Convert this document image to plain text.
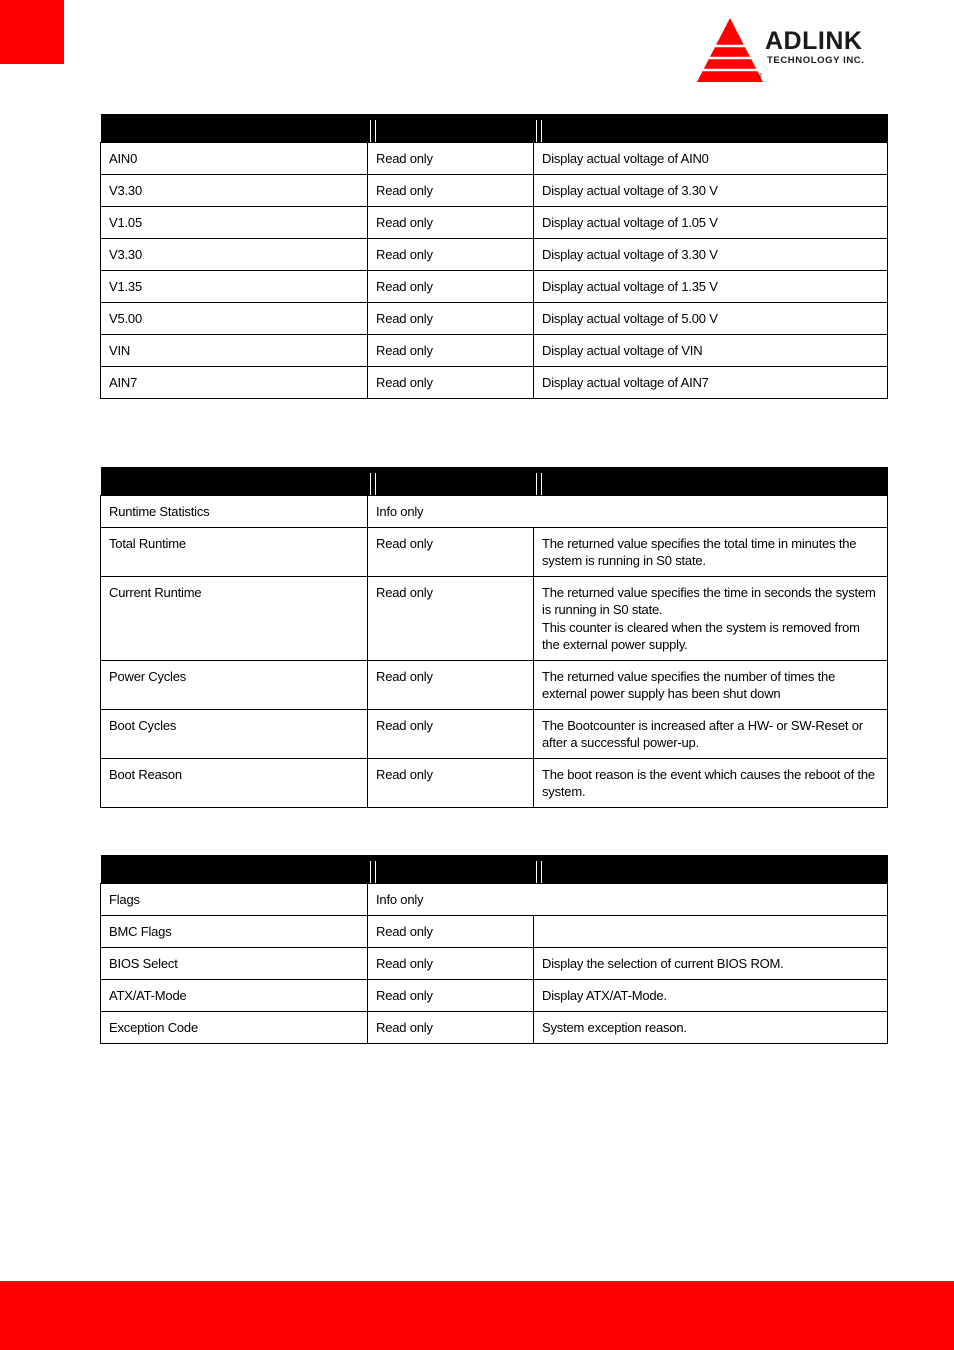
ADLINK
TECHNOLOGY INC.
®

AIN0	Read only	Display actual voltage of AIN0

V3.30	Read only	Display actual voltage of 3.30 V

V1.05	Read only	Display actual voltage of 1.05 V

V3.30	Read only	Display actual voltage of 3.30 V

V1.35	Read only	Display actual voltage of 1.35 V

V5.00	Read only	Display actual voltage of 5.00 V

VIN	Read only	Display actual voltage of VIN

AIN7	Read only	Display actual voltage of AIN7

Runtime Statistics	Info only	
Total Runtime	Read only	The returned value specifies the total time in minutes the system is running in S0 state.

Current Runtime	Read only	The returned value specifies the time in seconds the system is running in S0 state.
This counter is cleared when the system is removed from the external power supply.

Power Cycles	Read only	The returned value specifies the number of times the external power supply has been shut down

Boot Cycles	Read only	The Bootcounter is increased after a HW- or SW-Reset or after a successful power-up.

Boot Reason	Read only	The boot reason is the event which causes the reboot of the system.

Flags	Info only	
BMC Flags	Read only	
BIOS Select	Read only	Display the selection of current BIOS ROM.

ATX/AT-Mode	Read only	Display ATX/AT-Mode.

Exception Code	Read only	System exception reason.
